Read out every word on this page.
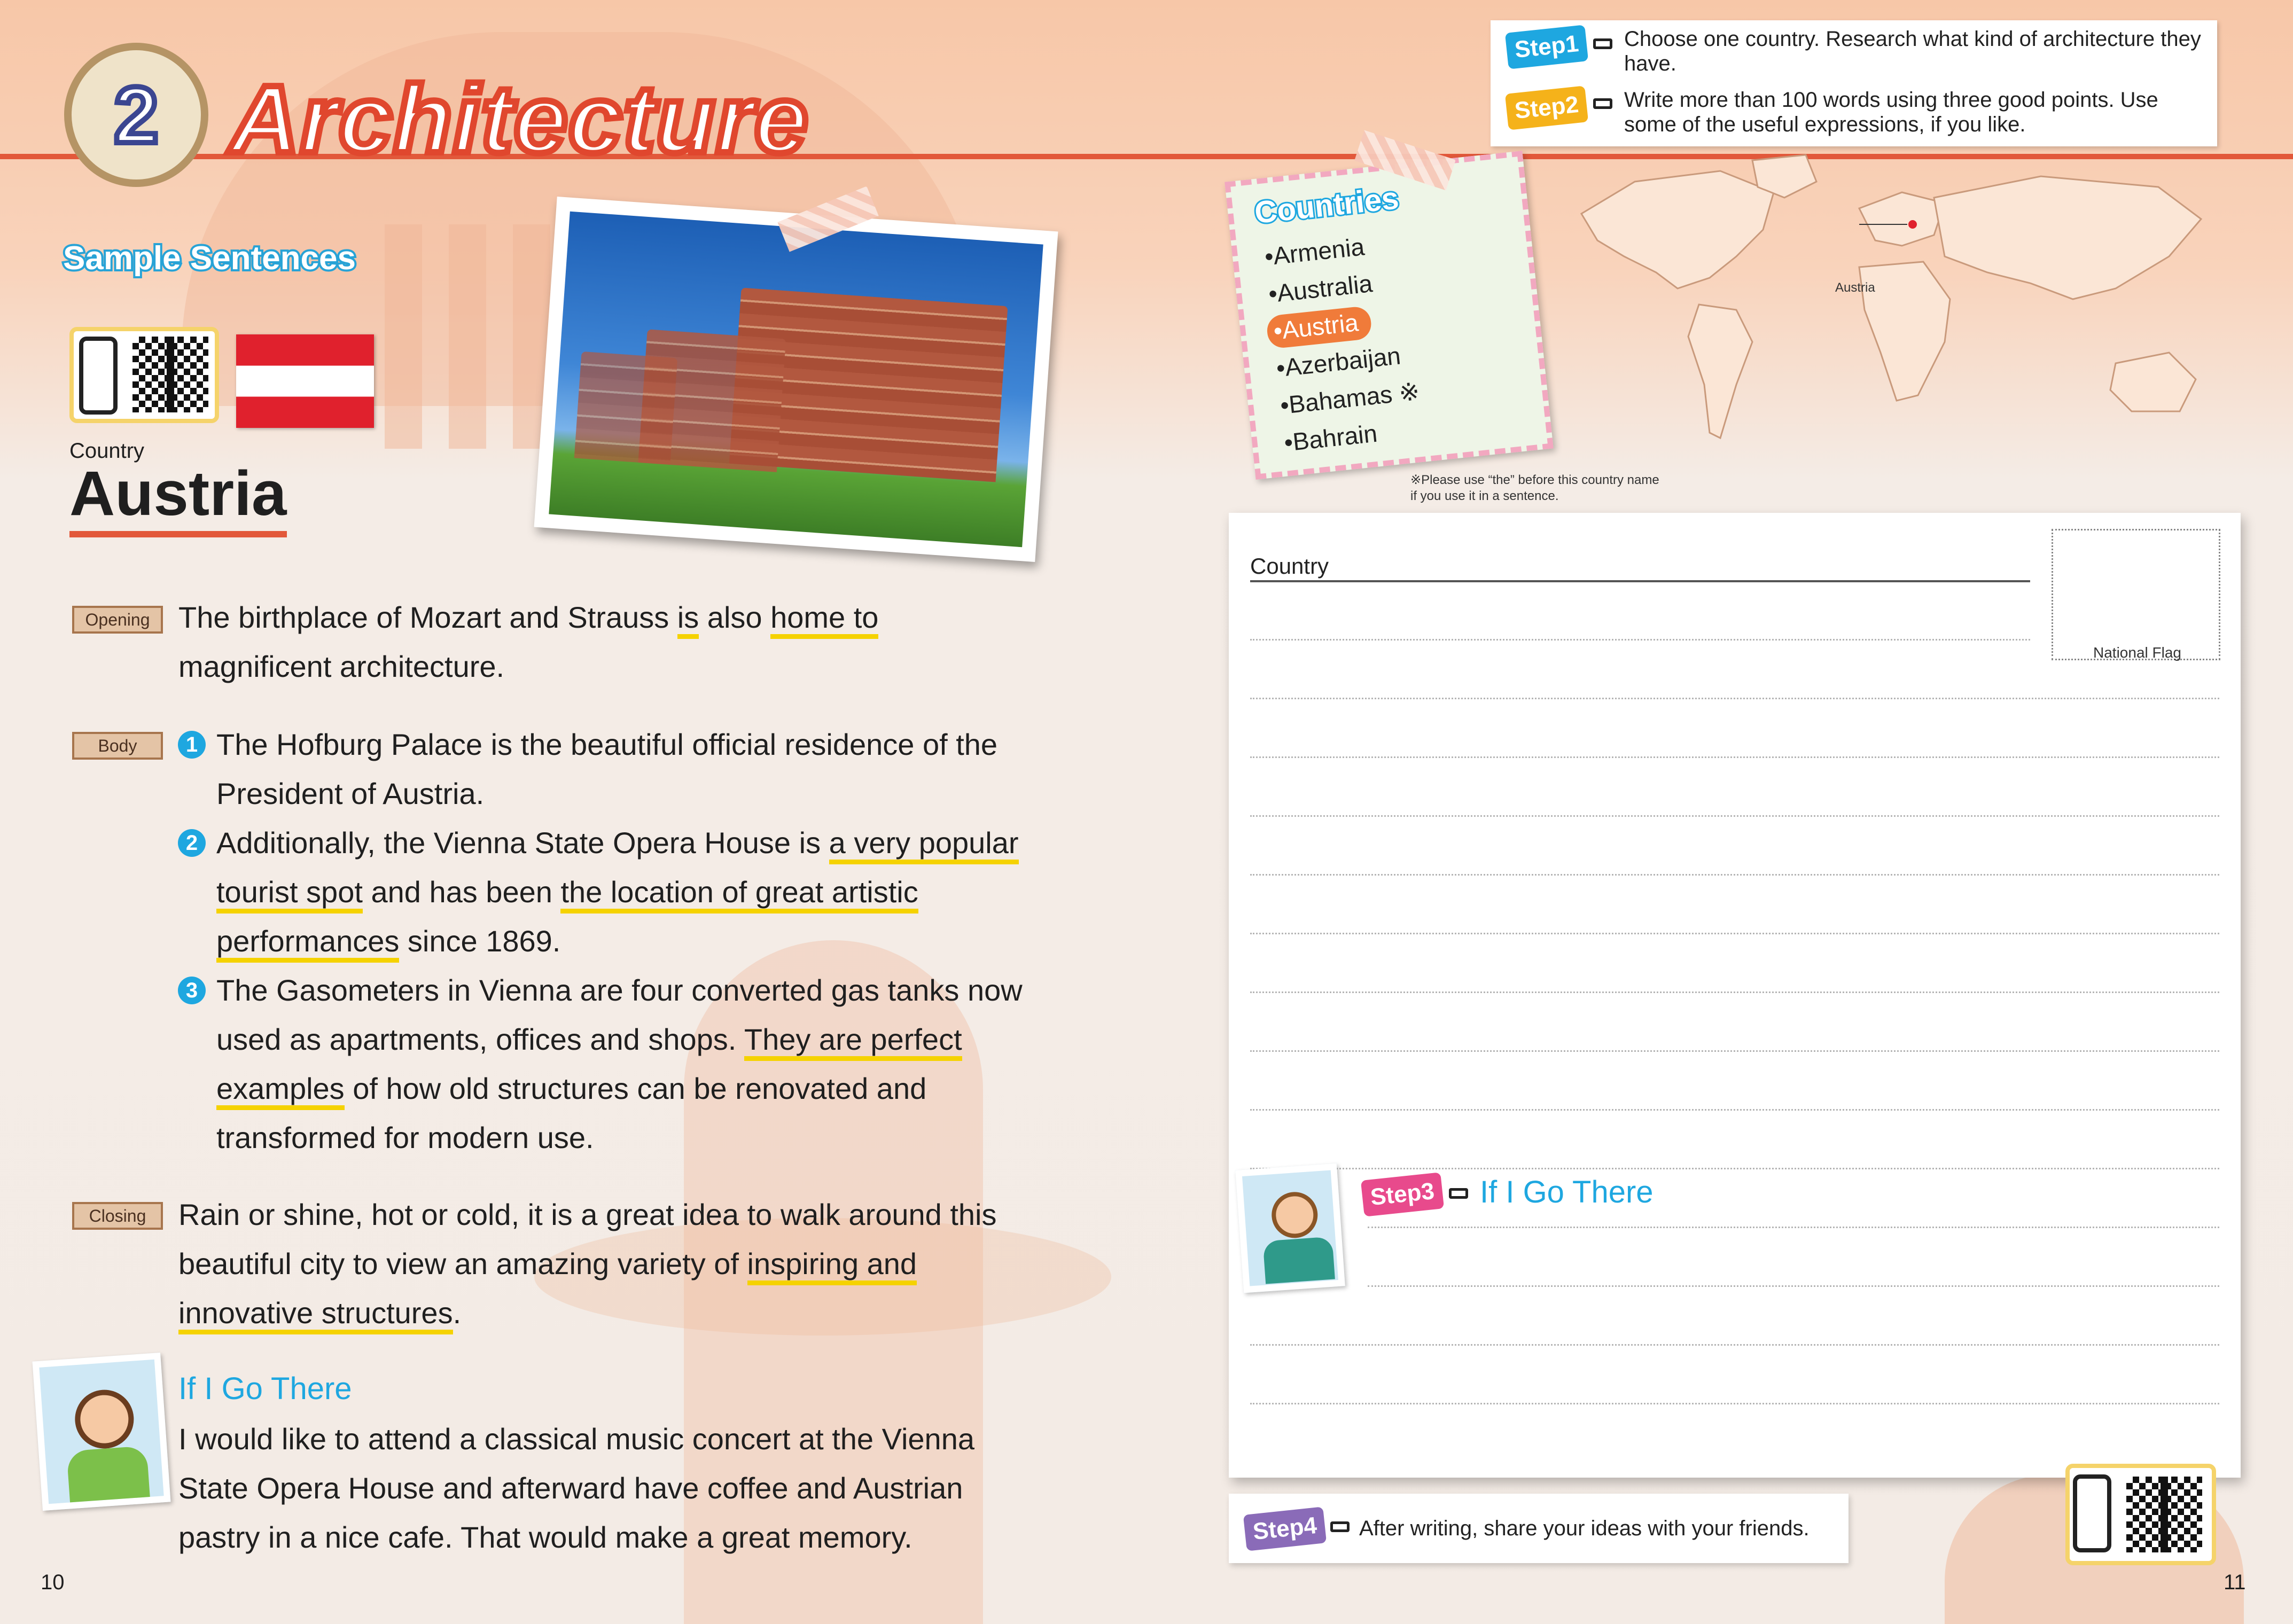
2 Architecture
Sample Sentences
Country
Austria
Opening The birthplace of Mozart and Strauss is also home to
magnificent architecture.
Body	1 The Hofburg Palace is the beautiful official residence of the President of Austria.
2 Additionally, the Vienna State Opera House is a very popular tourist spot and has been the location of great artistic performances since 1869.
3 The Gasometers in Vienna are four converted gas tanks now used as apartments, offices and shops. They are perfect examples of how old structures can be renovated and transformed for modern use.
Closing	Rain or shine, hot or cold, it is a great idea to walk around this beautiful city to view an amazing variety of inspiring and innovative structures.
If I Go There
I would like to attend a classical music concert at the Vienna State Opera House and afterward have coffee and Austrian pastry in a nice cafe. That would make a great memory.
10
Step1	Choose one country. Research what kind of architecture they have.
Step2	Write more than 100 words using three good points. Use some of the useful expressions, if you like.
Austria
Countries
•Armenia
•Australia
•Austria
•Azerbaijan
•Bahamas ※
•Bahrain
※Please use “the” before this country name
if you use it in a sentence.
Country
National Flag
Step3 If I Go There
Step4	After writing, share your ideas with your friends.
11
